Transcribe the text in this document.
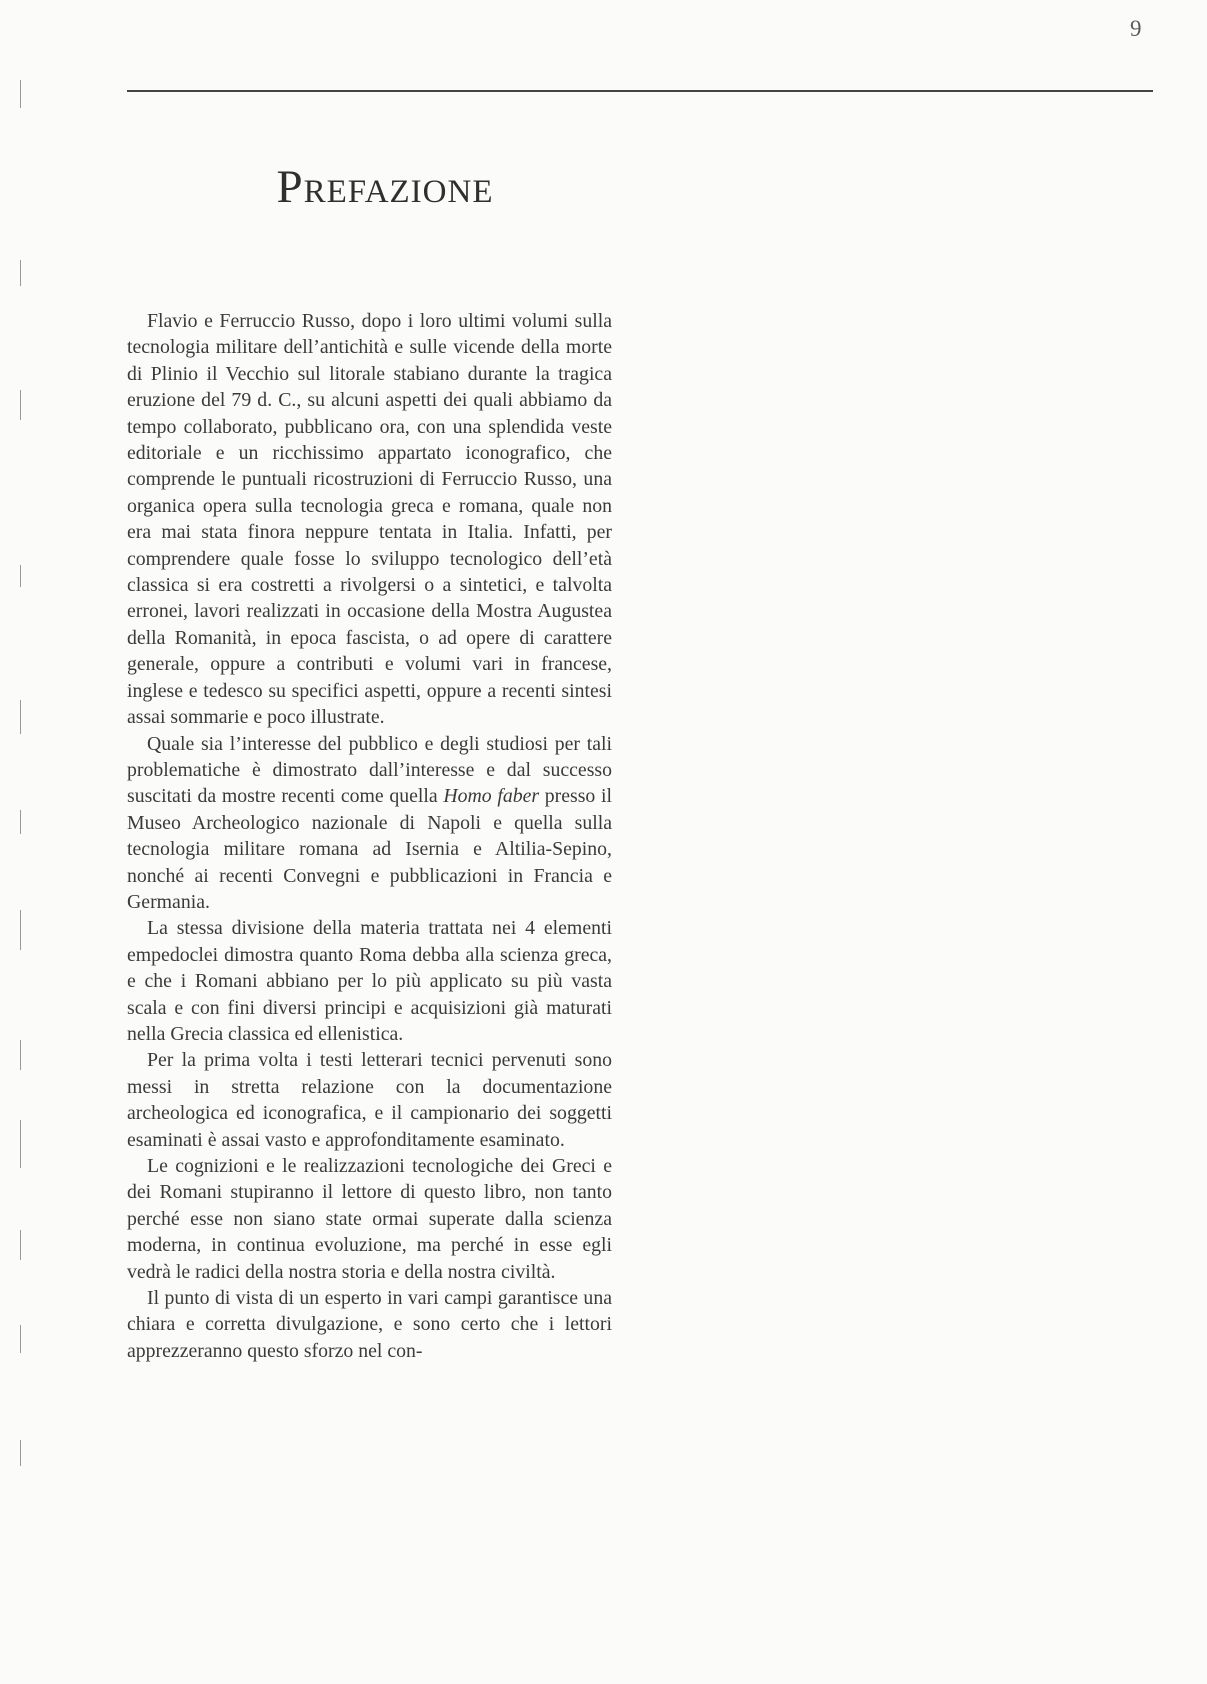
9
Prefazione

Flavio e Ferruccio Russo, dopo i loro ultimi volumi sulla tecnologia militare dell’antichità e sulle vicende della morte di Plinio il Vecchio sul litorale stabiano durante la tragica eruzione del 79 d. C., su alcuni aspetti dei quali abbiamo da tempo collaborato, pubblicano ora, con una splendida veste editoriale e un ricchissimo appartato iconografico, che comprende le puntuali ricostruzioni di Ferruccio Russo, una organica opera sulla tecnologia greca e romana, quale non era mai stata finora neppure tentata in Italia. Infatti, per comprendere quale fosse lo sviluppo tecnologico dell’età classica si era costretti a rivolgersi o a sintetici, e talvolta erronei, lavori realizzati in occasione della Mostra Augustea della Romanità, in epoca fascista, o ad opere di carattere generale, oppure a contributi e volumi vari in francese, inglese e tedesco su specifici aspetti, oppure a recenti sintesi assai sommarie e poco illustrate.

Quale sia l’interesse del pubblico e degli studiosi per tali problematiche è dimostrato dall’interesse e dal successo suscitati da mostre recenti come quella Homo faber presso il Museo Archeologico nazionale di Napoli e quella sulla tecnologia militare romana ad Isernia e Altilia-Sepino, nonché ai recenti Convegni e pubblicazioni in Francia e Germania.

La stessa divisione della materia trattata nei 4 elementi empedoclei dimostra quanto Roma debba alla scienza greca, e che i Romani abbiano per lo più applicato su più vasta scala e con fini diversi principi e acquisizioni già maturati nella Grecia classica ed ellenistica.

Per la prima volta i testi letterari tecnici pervenuti sono messi in stretta relazione con la documentazione archeologica ed iconografica, e il campionario dei soggetti esaminati è assai vasto e approfonditamente esaminato.

Le cognizioni e le realizzazioni tecnologiche dei Greci e dei Romani stupiranno il lettore di questo libro, non tanto perché esse non siano state ormai superate dalla scienza moderna, in continua evoluzione, ma perché in esse egli vedrà le radici della nostra storia e della nostra civiltà.

Il punto di vista di un esperto in vari campi garantisce una chiara e corretta divulgazione, e sono certo che i lettori apprezzeranno questo sforzo nel con-
